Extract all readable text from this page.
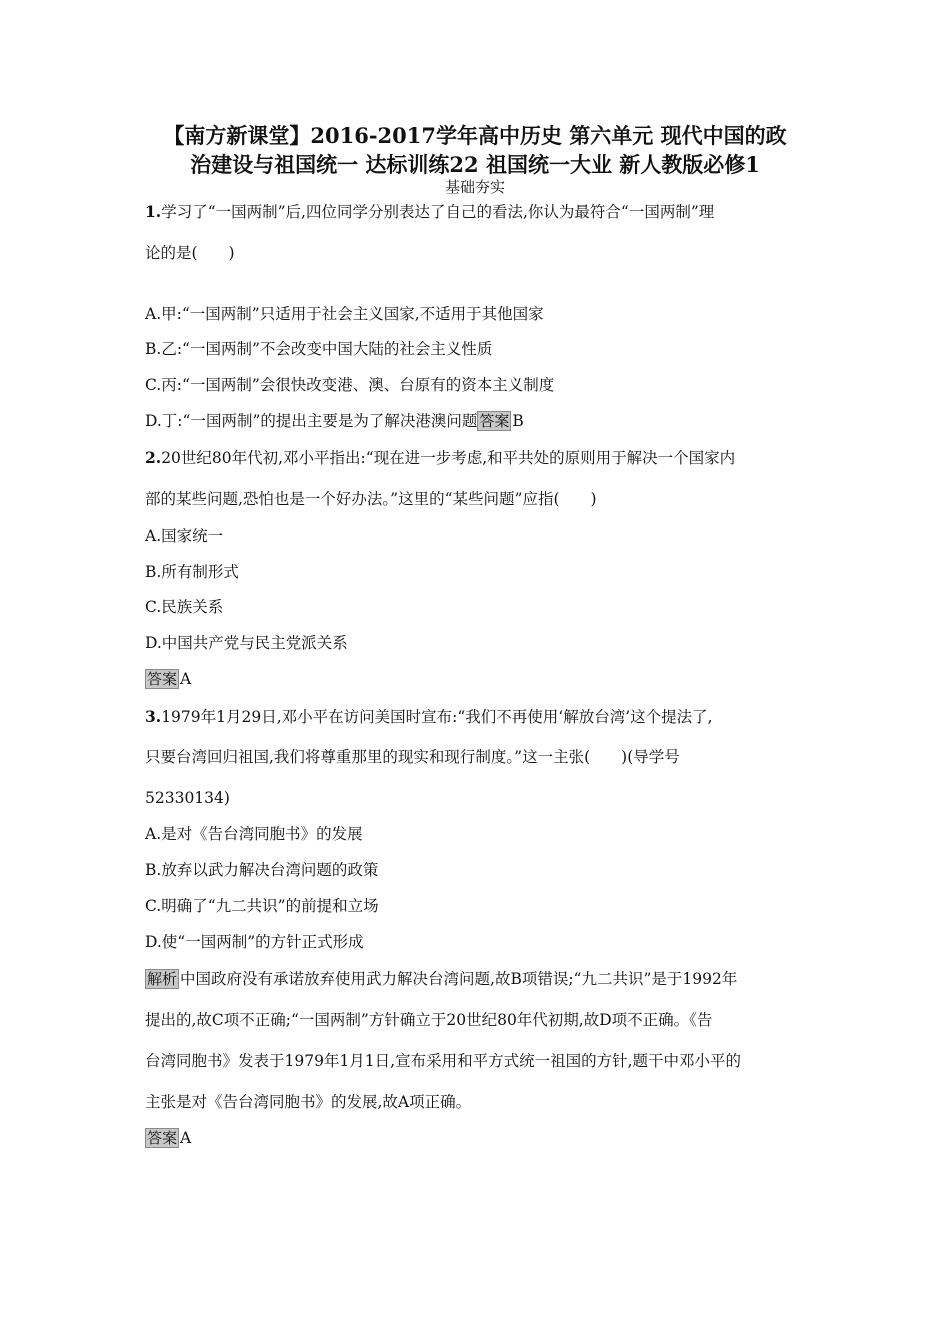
【南方新课堂】2016-2017学年高中历史 第六单元 现代中国的政
治建设与祖国统一 达标训练22 祖国统一大业 新人教版必修1
基础夯实
1.学习了“一国两制”后,四位同学分别表达了自己的看法,你认为最符合“一国两制”理
论的是(　　)
A.甲:“一国两制”只适用于社会主义国家,不适用于其他国家
B.乙:“一国两制”不会改变中国大陆的社会主义性质
C.丙:“一国两制”会很快改变港、澳、台原有的资本主义制度
D.丁:“一国两制”的提出主要是为了解决港澳问题 答案 B
2.20世纪80年代初,邓小平指出:“现在进一步考虑,和平共处的原则用于解决一个国家内
部的某些问题,恐怕也是一个好办法。”这里的“某些问题”应指(　　)
A.国家统一
B.所有制形式
C.民族关系
D.中国共产党与民主党派关系
答案 A
3.1979年1月29日,邓小平在访问美国时宣布:“我们不再使用‘解放台湾’这个提法了,
只要台湾回归祖国,我们将尊重那里的现实和现行制度。”这一主张(　　)(导学号
52330134)
A.是对《告台湾同胞书》的发展
B.放弃以武力解决台湾问题的政策
C.明确了“九二共识”的前提和立场
D.使“一国两制”的方针正式形成
解析 中国政府没有承诺放弃使用武力解决台湾问题,故B项错误;“九二共识”是于1992年
提出的,故C项不正确;“一国两制”方针确立于20世纪80年代初期,故D项不正确。《告
台湾同胞书》发表于1979年1月1日,宣布采用和平方式统一祖国的方针,题干中邓小平的
主张是对《告台湾同胞书》的发展,故A项正确。
答案 A
